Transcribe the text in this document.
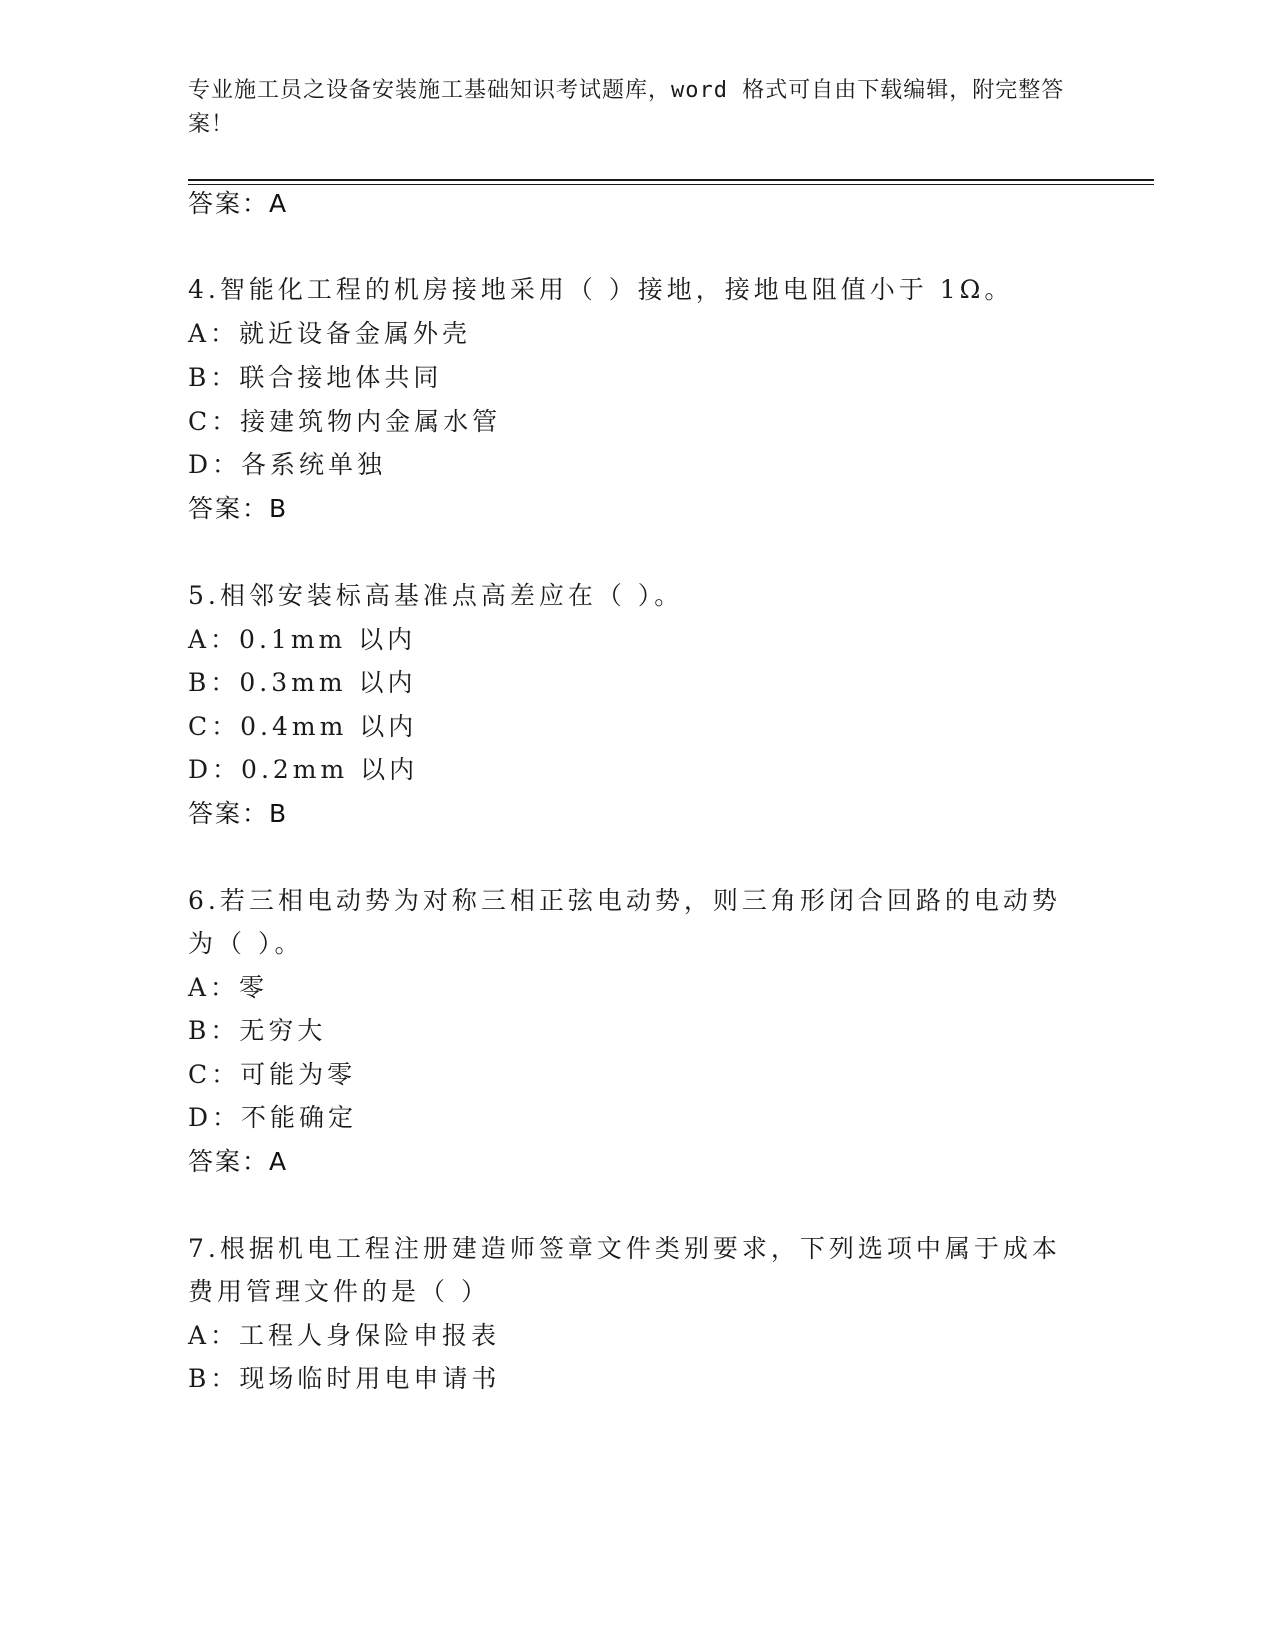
专业施工员之设备安装施工基础知识考试题库，word 格式可自由下载编辑，附完整答案！
答案：A
4.智能化工程的机房接地采用（ ）接地，接地电阻值小于 1Ω。
A：就近设备金属外壳
B：联合接地体共同
C：接建筑物内金属水管
D：各系统单独
答案：B
5.相邻安装标高基准点高差应在（ ）。
A：0.1mm 以内
B：0.3mm 以内
C：0.4mm 以内
D：0.2mm 以内
答案：B
6.若三相电动势为对称三相正弦电动势，则三角形闭合回路的电动势
为（ ）。
A：零
B：无穷大
C：可能为零
D：不能确定
答案：A
7.根据机电工程注册建造师签章文件类别要求，下列选项中属于成本
费用管理文件的是（ ）
A：工程人身保险申报表
B：现场临时用电申请书
